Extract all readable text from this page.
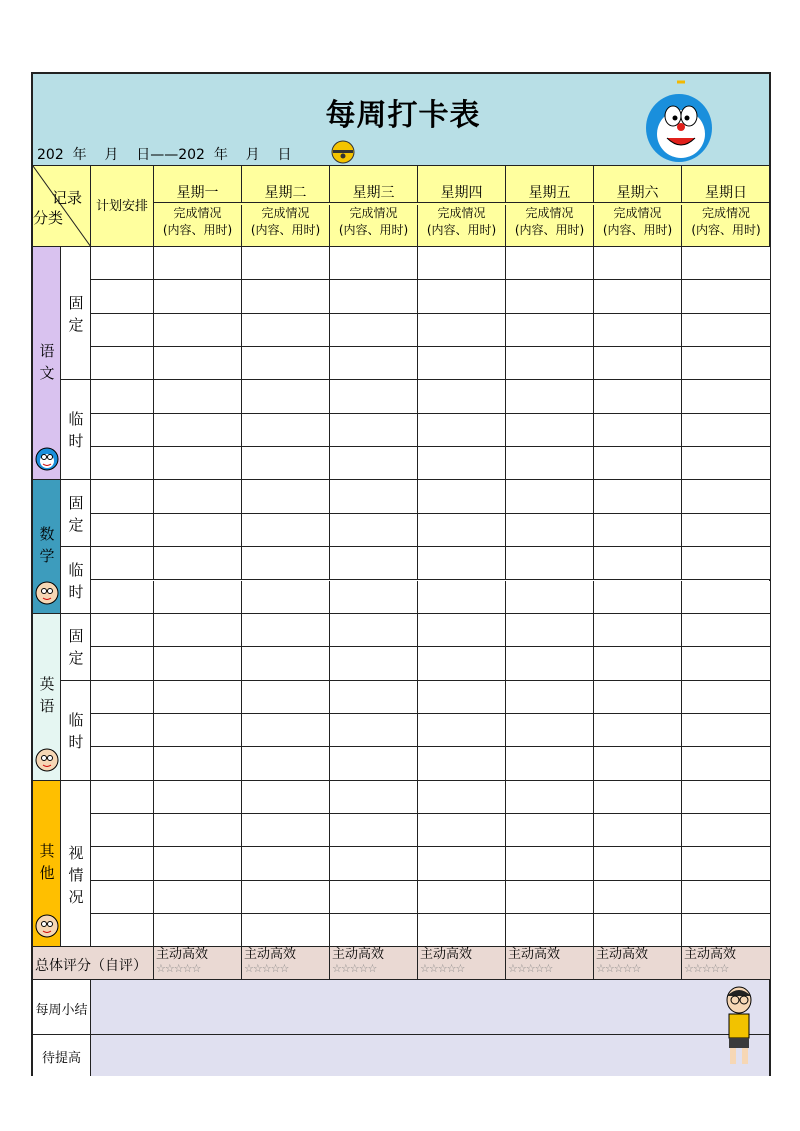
每周打卡表
202  年    月    日——202  年    月    日
记录
分类
计划安排
星期一
完成情况
(内容、用时)
星期二
完成情况
(内容、用时)
星期三
完成情况
(内容、用时)
星期四
完成情况
(内容、用时)
星期五
完成情况
(内容、用时)
星期六
完成情况
(内容、用时)
星期日
完成情况
(内容、用时)
语文
固定
临时
数学
固定
临时
英语
固定
临时
其他
视情况
总体评分（自评）
主动高效
☆☆☆☆☆
主动高效
☆☆☆☆☆
主动高效
☆☆☆☆☆
主动高效
☆☆☆☆☆
主动高效
☆☆☆☆☆
主动高效
☆☆☆☆☆
主动高效
☆☆☆☆☆
每周小结
待提高
